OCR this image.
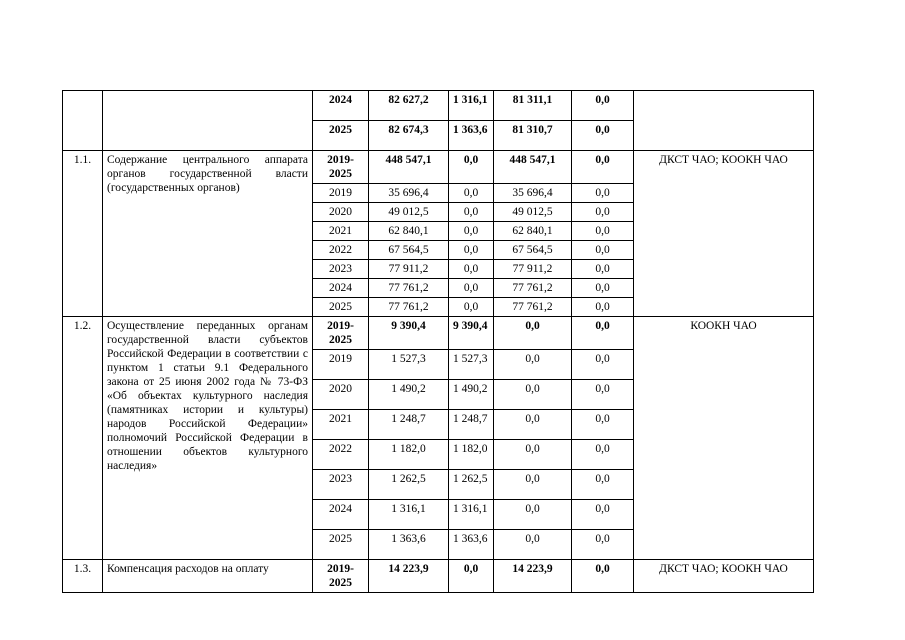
		2024	82 627,2	1 316,1	81 311,1	0,0	
		2025	82 674,3	1 363,6	81 310,7	0,0	
1.1.	Содержание центрального аппарата органов государственной власти (государственных органов)	2019-2025	448 547,1	0,0	448 547,1	0,0	ДКСТ ЧАО; КООКН ЧАО
		2019	35 696,4	0,0	35 696,4	0,0	
		2020	49 012,5	0,0	49 012,5	0,0	
		2021	62 840,1	0,0	62 840,1	0,0	
		2022	67 564,5	0,0	67 564,5	0,0	
		2023	77 911,2	0,0	77 911,2	0,0	
		2024	77 761,2	0,0	77 761,2	0,0	
		2025	77 761,2	0,0	77 761,2	0,0	
1.2.	Осуществление переданных органам государственной власти субъектов Российской Федерации в соответствии с пунктом 1 статьи 9.1 Федерального закона от 25 июня 2002 года № 73-ФЗ «Об объектах культурного наследия (памятниках истории и культуры) народов Российской Федерации» полномочий Российской Федерации в отношении объектов культурного наследия»	2019-2025	9 390,4	9 390,4	0,0	0,0	КООКН ЧАО
		2019	1 527,3	1 527,3	0,0	0,0	
		2020	1 490,2	1 490,2	0,0	0,0	
		2021	1 248,7	1 248,7	0,0	0,0	
		2022	1 182,0	1 182,0	0,0	0,0	
		2023	1 262,5	1 262,5	0,0	0,0	
		2024	1 316,1	1 316,1	0,0	0,0	
		2025	1 363,6	1 363,6	0,0	0,0	
1.3.	Компенсация расходов на оплату	2019-2025	14 223,9	0,0	14 223,9	0,0	ДКСТ ЧАО; КООКН ЧАО
